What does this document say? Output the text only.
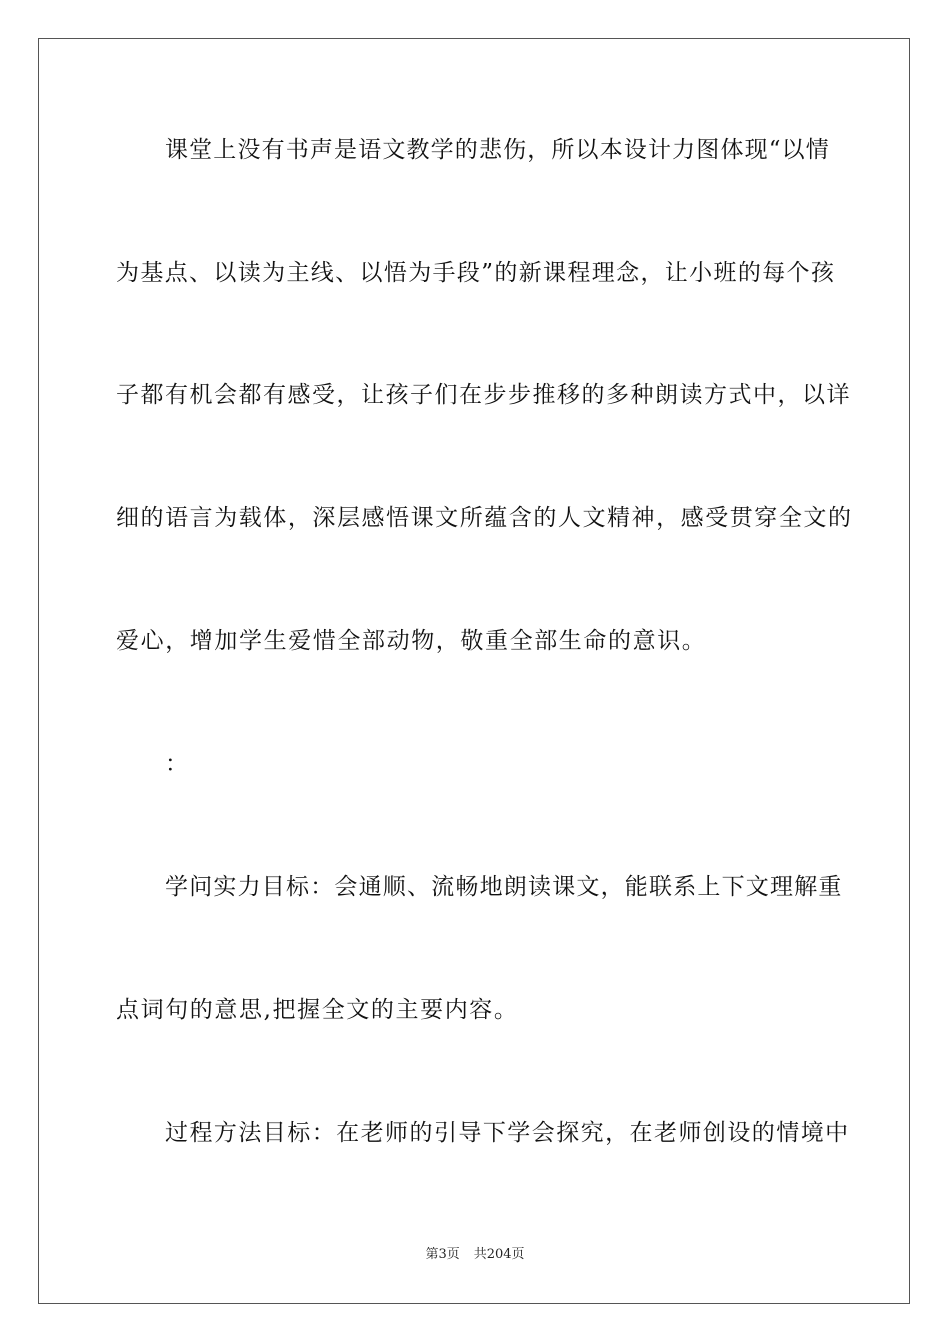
课堂上没有书声是语文教学的悲伤，所以本设计力图体现“以情
为基点、以读为主线、以悟为手段”的新课程理念，让小班的每个孩
子都有机会都有感受，让孩子们在步步推移的多种朗读方式中，以详
细的语言为载体，深层感悟课文所蕴含的人文精神，感受贯穿全文的
爱心，增加学生爱惜全部动物，敬重全部生命的意识。
：
学问实力目标：会通顺、流畅地朗读课文，能联系上下文理解重
点词句的意思,把握全文的主要内容。
过程方法目标：在老师的引导下学会探究，在老师创设的情境中
第3页 共204页
